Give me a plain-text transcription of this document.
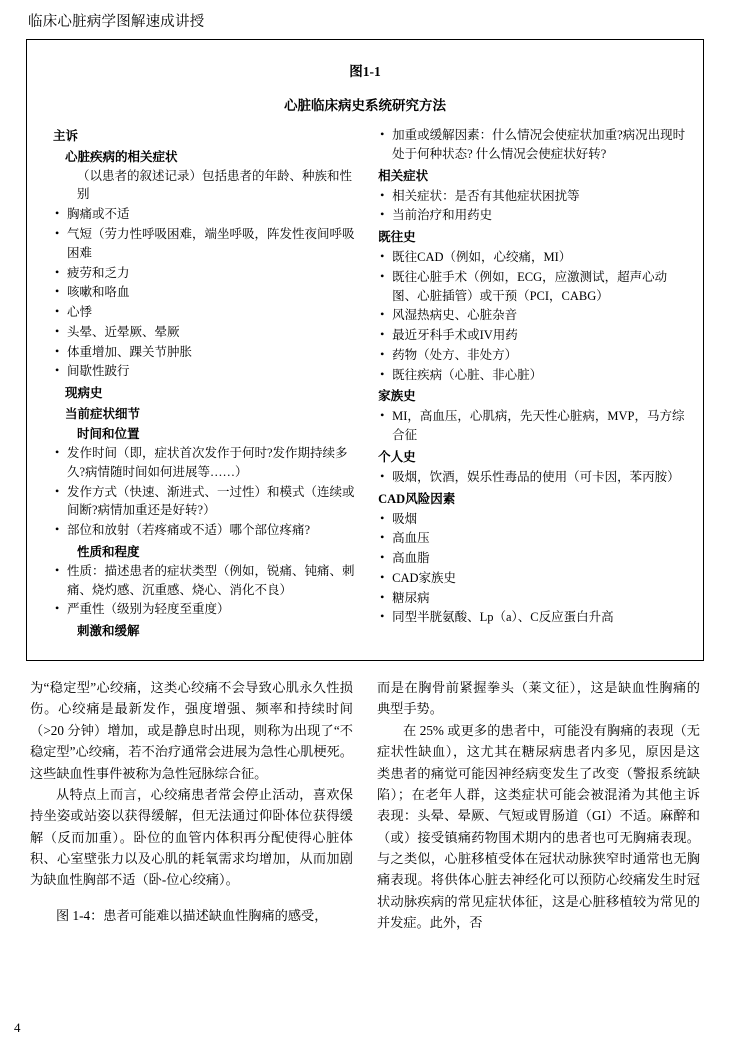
临床心脏病学图解速成讲授
图1-1
心脏临床病史系统研究方法
主诉
心脏疾病的相关症状
（以患者的叙述记录）包括患者的年龄、种族和性别
• 胸痛或不适
• 气短（劳力性呼吸困难，端坐呼吸，阵发性夜间呼吸困难
• 疲劳和乏力
• 咳嗽和咯血
• 心悸
• 头晕、近晕厥、晕厥
• 体重增加、踝关节肿胀
• 间歇性跛行
现病史
当前症状细节
时间和位置
• 发作时间（即，症状首次发作于何时?发作期持续多久?病情随时间如何进展等……）
• 发作方式（快速、渐进式、一过性）和模式（连续或间断?病情加重还是好转?）
• 部位和放射（若疼痛或不适）哪个部位疼痛?
性质和程度
• 性质：描述患者的症状类型（例如，锐痛、钝痛、刺痛、烧灼感、沉重感、烧心、消化不良）
• 严重性（级别为轻度至重度）
刺激和缓解
• 加重或缓解因素：什么情况会使症状加重?病况出现时处于何种状态? 什么情况会使症状好转?
相关症状
• 相关症状：是否有其他症状困扰等
• 当前治疗和用药史
既往史
• 既往CAD（例如，心绞痛，MI）
• 既往心脏手术（例如，ECG，应激测试，超声心动图、心脏插管）或干预（PCI，CABG）
• 风湿热病史、心脏杂音
• 最近牙科手术或IV用药
• 药物（处方、非处方）
• 既往疾病（心脏、非心脏）
家族史
• MI，高血压，心肌病，先天性心脏病，MVP，马方综合征
个人史
• 吸烟，饮酒，娱乐性毒品的使用（可卡因，苯丙胺）
CAD风险因素
• 吸烟
• 高血压
• 高血脂
• CAD家族史
• 糖尿病
• 同型半胱氨酸、Lp（a）、C反应蛋白升高

为“稳定型”心绞痛，这类心绞痛不会导致心肌永久性损伤。心绞痛是最新发作，强度增强、频率和持续时间（>20 分钟）增加，或是静息时出现，则称为出现了“不稳定型”心绞痛，若不治疗通常会进展为急性心肌梗死。这些缺血性事件被称为急性冠脉综合征。

从特点上而言，心绞痛患者常会停止活动，喜欢保持坐姿或站姿以获得缓解，但无法通过仰卧体位获得缓解（反而加重）。卧位的血管内体积再分配使得心脏体积、心室壁张力以及心肌的耗氧需求均增加，从而加剧为缺血性胸部不适（卧-位心绞痛）。

图 1-4：患者可能难以描述缺血性胸痛的感受，

而是在胸骨前紧握拳头（莱文征），这是缺血性胸痛的典型手势。

在 25% 或更多的患者中，可能没有胸痛的表现（无症状性缺血），这尤其在糖尿病患者内多见，原因是这类患者的痛觉可能因神经病变发生了改变（警报系统缺陷）；在老年人群，这类症状可能会被混淆为其他主诉表现：头晕、晕厥、气短或胃肠道（GI）不适。麻醉和（或）接受镇痛药物围术期内的患者也可无胸痛表现。与之类似，心脏移植受体在冠状动脉狭窄时通常也无胸痛表现。将供体心脏去神经化可以预防心绞痛发生时冠状动脉疾病的常见症状体征，这是心脏移植较为常见的并发症。此外，否

4
